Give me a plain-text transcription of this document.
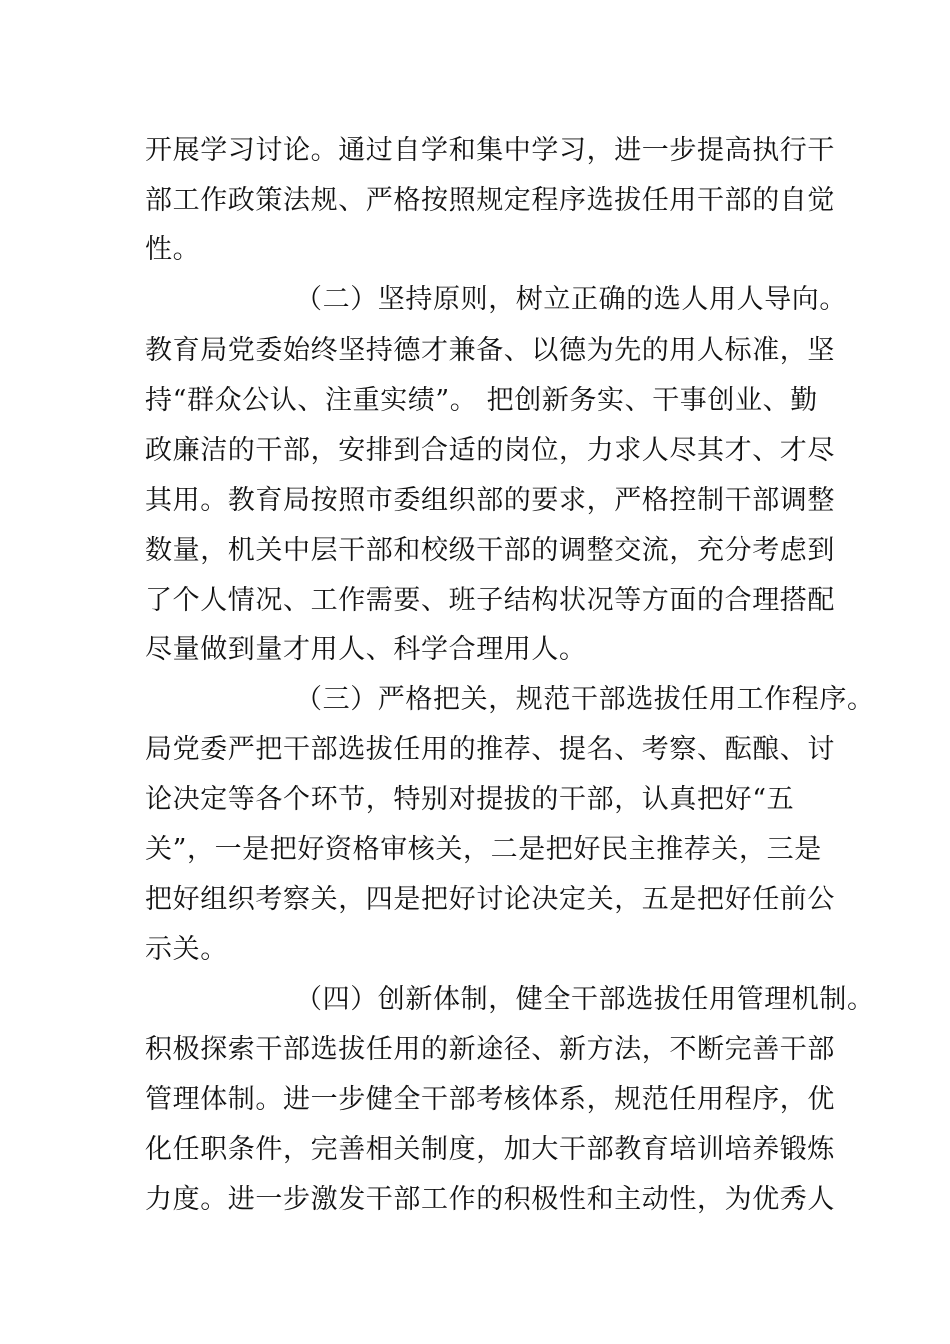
开展学习讨论。通过自学和集中学习，进一步提高执行干
部工作政策法规、严格按照规定程序选拔任用干部的自觉
性。
（二）坚持原则，树立正确的选人用人导向。
教育局党委始终坚持德才兼备、以德为先的用人标准，坚
持“群众公认、注重实绩”。 把创新务实、干事创业、勤
政廉洁的干部，安排到合适的岗位，力求人尽其才、才尽
其用。教育局按照市委组织部的要求，严格控制干部调整
数量，机关中层干部和校级干部的调整交流，充分考虑到
了个人情况、工作需要、班子结构状况等方面的合理搭配
尽量做到量才用人、科学合理用人。
（三）严格把关，规范干部选拔任用工作程序。
局党委严把干部选拔任用的推荐、提名、考察、酝酿、讨
论决定等各个环节，特别对提拔的干部，认真把好“五
关”，一是把好资格审核关，二是把好民主推荐关，三是
把好组织考察关，四是把好讨论决定关，五是把好任前公
示关。
（四）创新体制，健全干部选拔任用管理机制。
积极探索干部选拔任用的新途径、新方法，不断完善干部
管理体制。进一步健全干部考核体系，规范任用程序，优
化任职条件，完善相关制度，加大干部教育培训培养锻炼
力度。进一步激发干部工作的积极性和主动性，为优秀人
